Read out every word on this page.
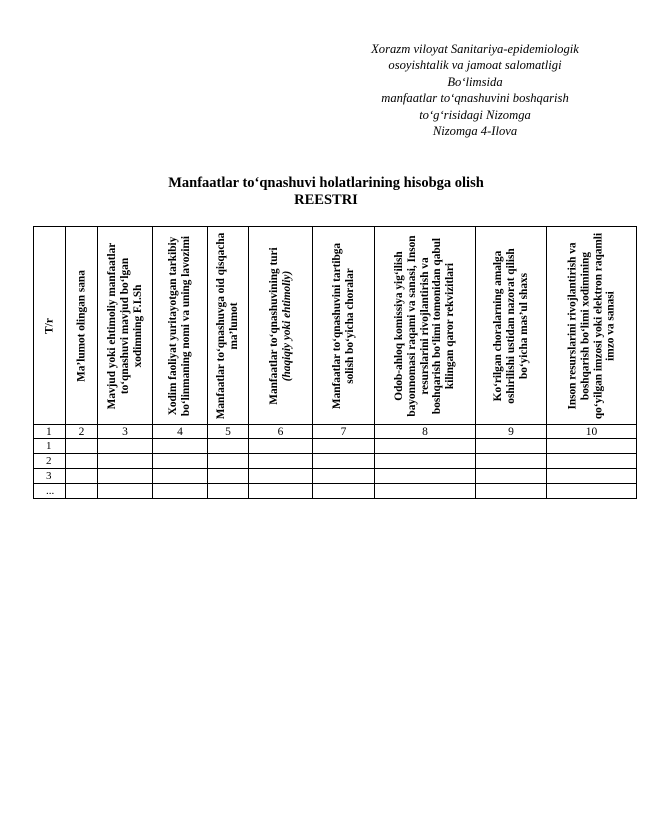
Xorazm viloyat Sanitariya-epidemiologik
osoyishtalik va jamoat salomatligi
Bo‘limsida
manfaatlar to‘qnashuvini boshqarish
to‘g‘risidagi Nizomga
Nizomga 4-Ilova
Manfaatlar to‘qnashuvi holatlarining hisobga olish
REESTRI
T/r	Ma’lumot olingan sana	Mavjud yoki ehtimoliy manfaatlar to‘qnashuvi mavjud bo‘lgan xodimning F.I.Sh	Xodim faoliyat yuritayotgan tarkibiy bo‘linmaning nomi va uning lavozimi	Manfaatlar to‘qnashuvga oid qisqacha ma’lumot	Manfaatlar to‘qnashuvining turi (haqiqiy yoki ehtimoliy)	Manfaatlar to‘qnashuvini tartibga solish bo‘yicha choralar	Odob-ahloq komissiya yig‘ilish bayonnomasi raqami va sanasi, Inson resurslarini rivojlantirish va boshqarish bo‘limi tomonidan qabul kilingan qaror rekvizitlari	Ko‘rilgan choralarning amalga oshirilishi ustidan nazorat qilish bo‘yicha mas’ul shaxs	Inson resurslarini rivojlantirish va boshqarish bo‘limi xodimining qo‘yilgan imzosi yoki elektron raqamli imzo va sanasi

1	2	3	4	5	6	7	8	9	10
1									
2									
3									
...									
